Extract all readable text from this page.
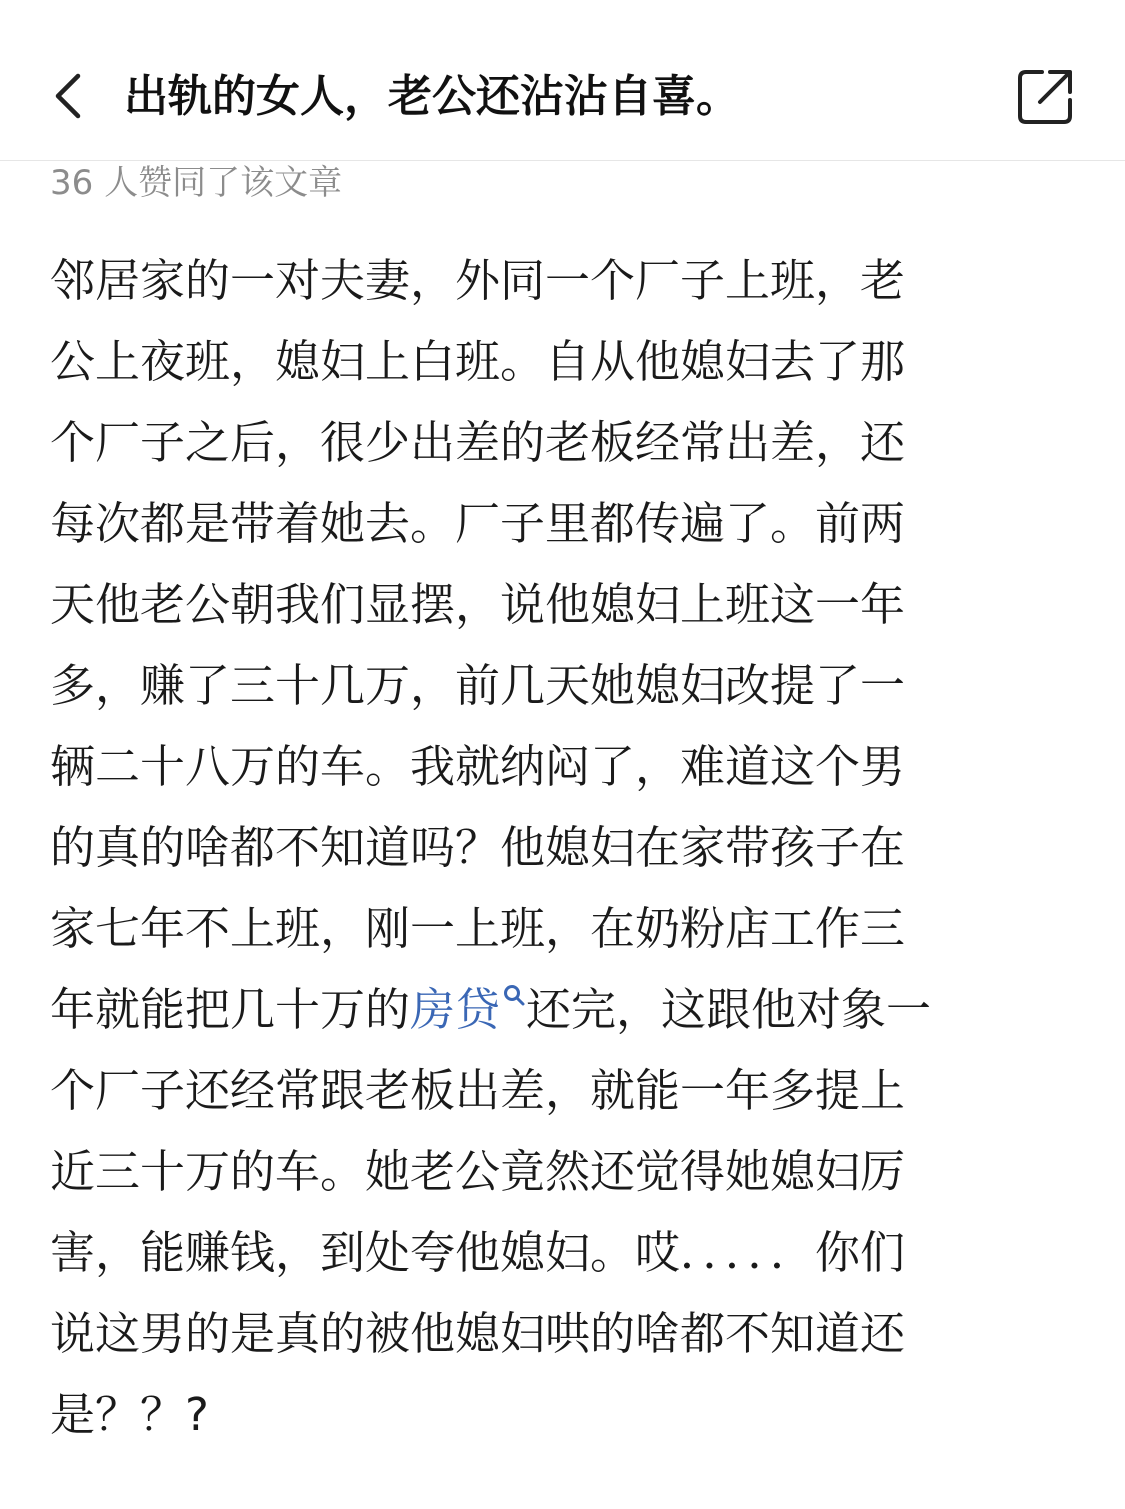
出轨的女人，老公还沾沾自喜。
36 人赞同了该文章

邻居家的一对夫妻，外同一个厂子上班，老
公上夜班，媳妇上白班。自从他媳妇去了那
个厂子之后，很少出差的老板经常出差，还
每次都是带着她去。厂子里都传遍了。前两
天他老公朝我们显摆，说他媳妇上班这一年
多，赚了三十几万，前几天她媳妇改提了一
辆二十八万的车。我就纳闷了，难道这个男
的真的啥都不知道吗？他媳妇在家带孩子在
家七年不上班，刚一上班，在奶粉店工作三
年就能把几十万的房贷 还完，这跟他对象一
个厂子还经常跟老板出差，就能一年多提上
近三十万的车。她老公竟然还觉得她媳妇厉
害，能赚钱，到处夸他媳妇。哎．．．．．你们
说这男的是真的被他媳妇哄的啥都不知道还
是？？?
